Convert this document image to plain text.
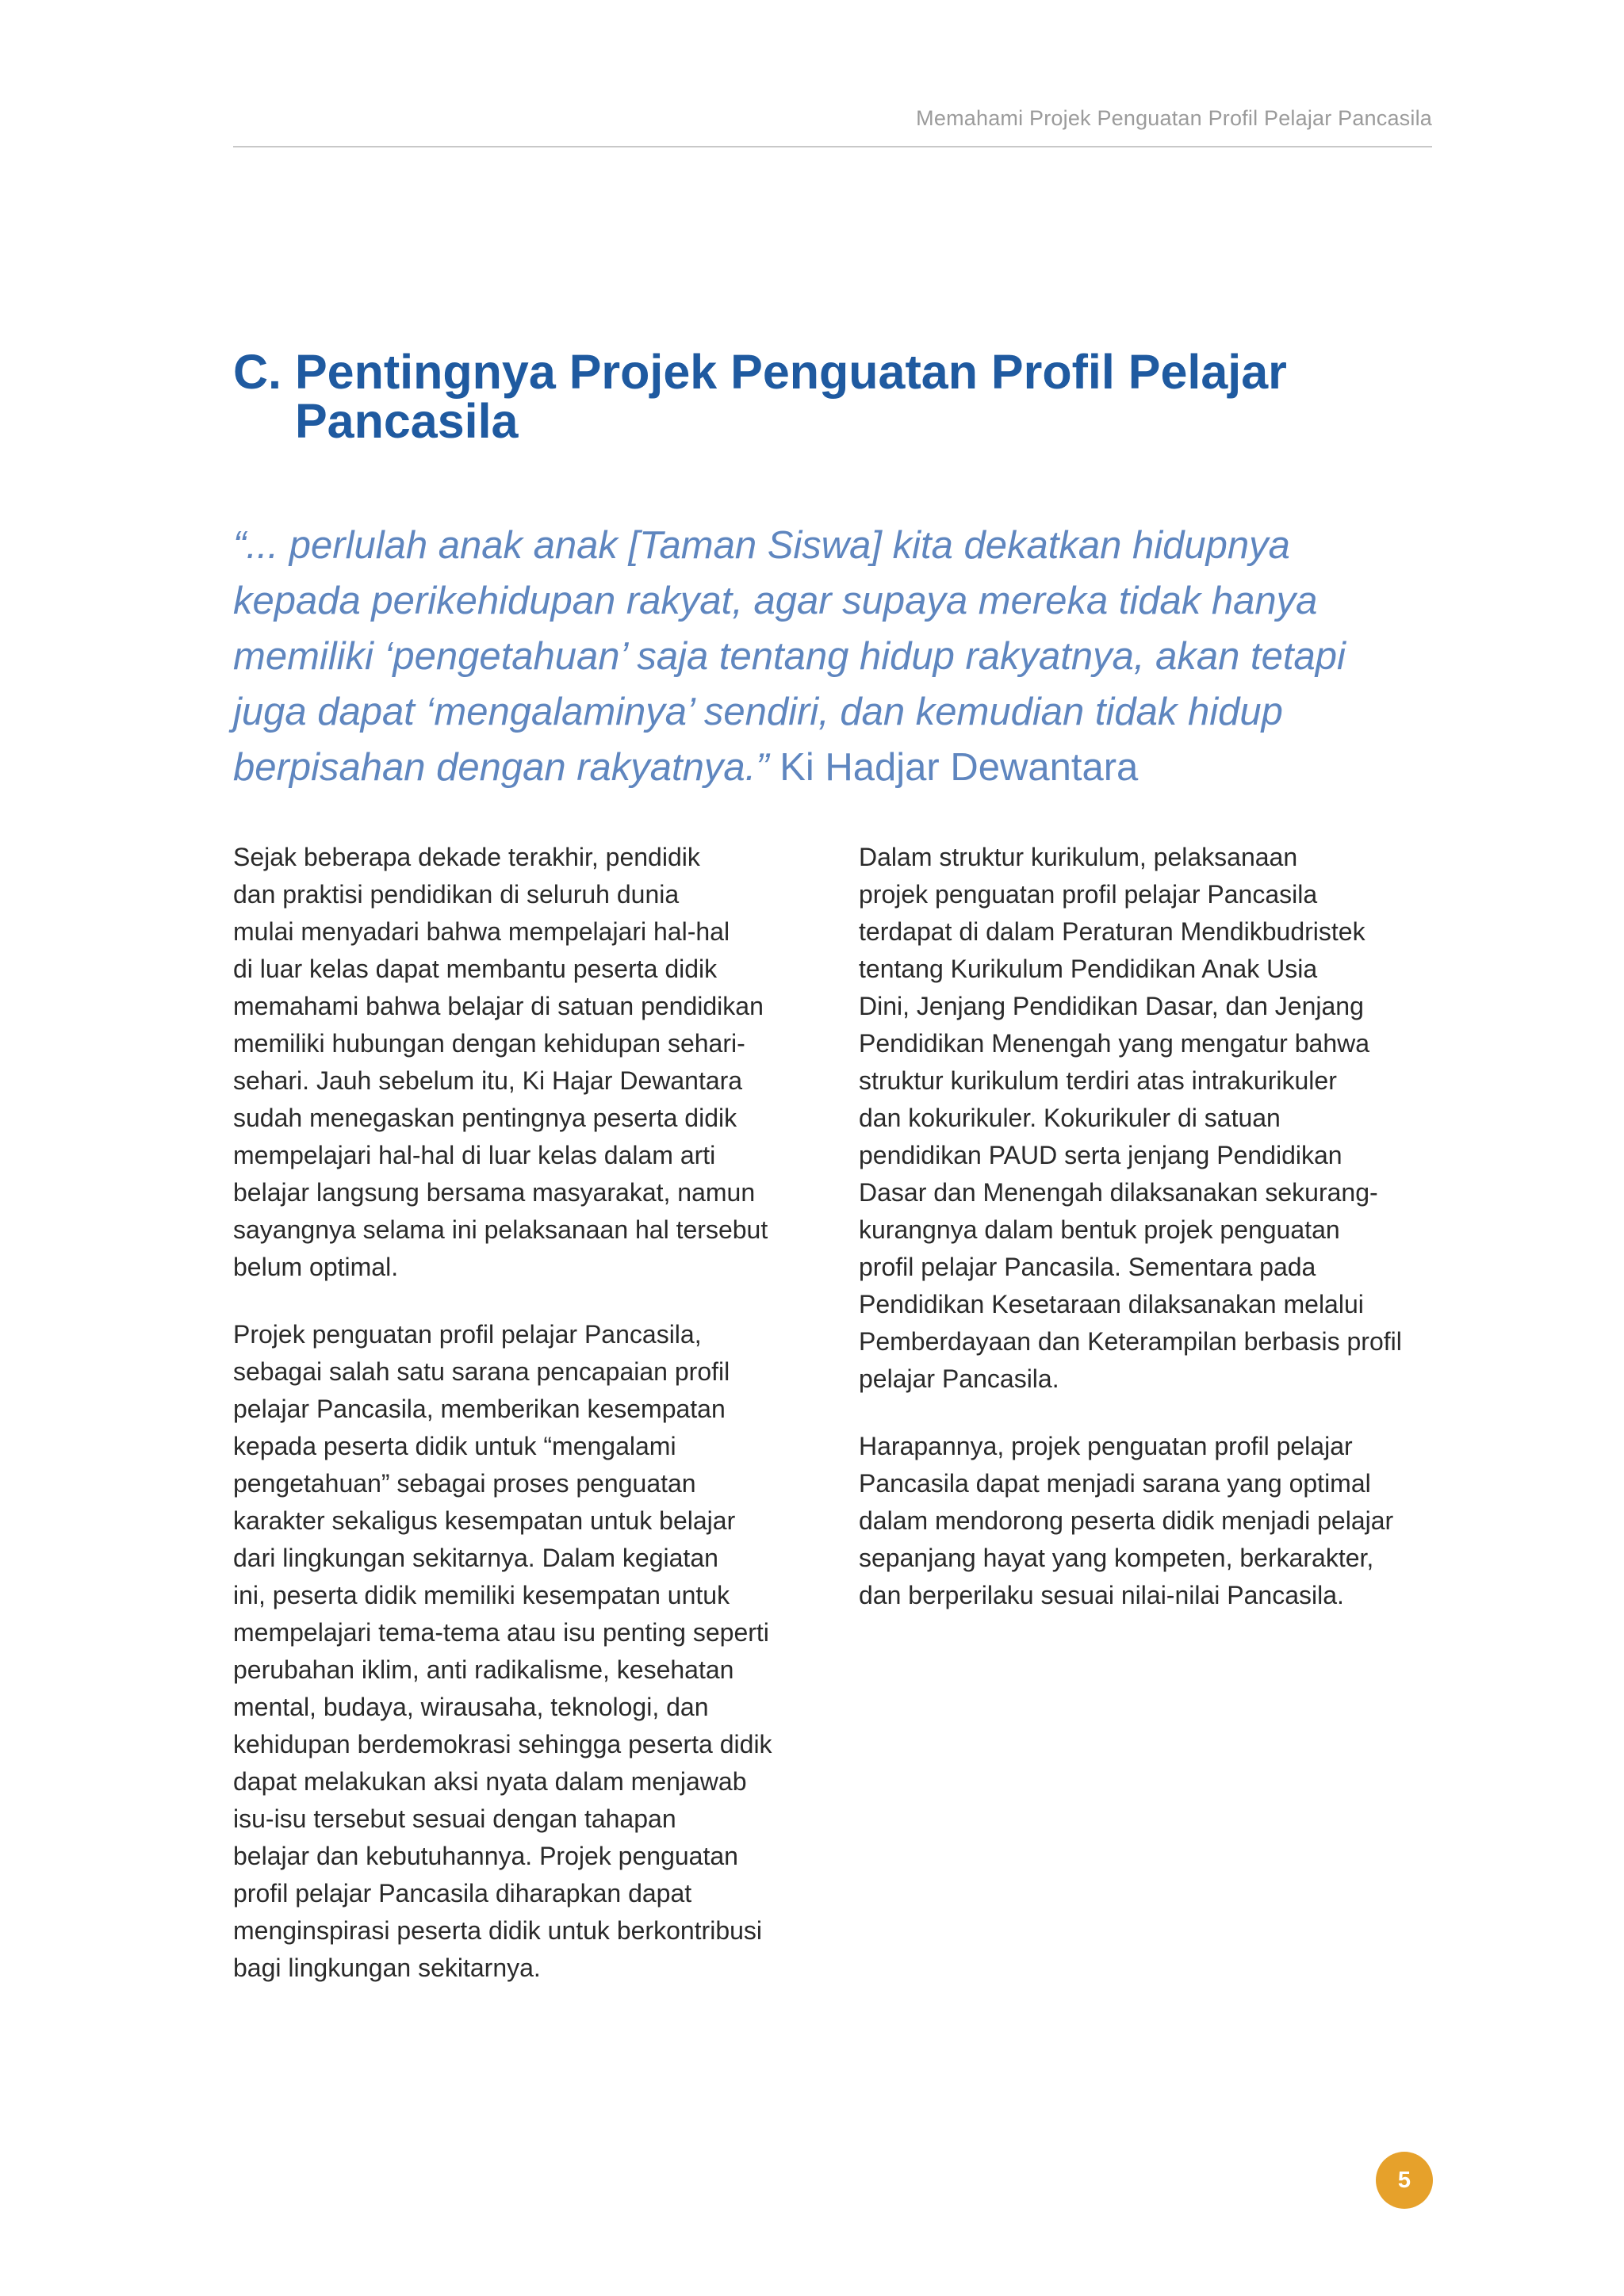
Memahami Projek Penguatan Profil Pelajar Pancasila
C. Pentingnya Projek Penguatan Profil Pelajar
Pancasila
“... perlulah anak anak [Taman Siswa] kita dekatkan hidupnya
kepada perikehidupan rakyat, agar supaya mereka tidak hanya
memiliki ‘pengetahuan’ saja tentang hidup rakyatnya, akan tetapi
juga dapat ‘mengalaminya’ sendiri, dan kemudian tidak hidup
berpisahan dengan rakyatnya.” Ki Hadjar Dewantara

Sejak beberapa dekade terakhir, pendidik
dan praktisi pendidikan di seluruh dunia
mulai menyadari bahwa mempelajari hal-hal
di luar kelas dapat membantu peserta didik
memahami bahwa belajar di satuan pendidikan
memiliki hubungan dengan kehidupan sehari-
sehari. Jauh sebelum itu, Ki Hajar Dewantara
sudah menegaskan pentingnya peserta didik
mempelajari hal-hal di luar kelas dalam arti
belajar langsung bersama masyarakat, namun
sayangnya selama ini pelaksanaan hal tersebut
belum optimal.

Projek penguatan profil pelajar Pancasila,
sebagai salah satu sarana pencapaian profil
pelajar Pancasila, memberikan kesempatan
kepada peserta didik untuk “mengalami
pengetahuan” sebagai proses penguatan
karakter sekaligus kesempatan untuk belajar
dari lingkungan sekitarnya. Dalam kegiatan
ini, peserta didik memiliki kesempatan untuk
mempelajari tema-tema atau isu penting seperti
perubahan iklim, anti radikalisme, kesehatan
mental, budaya, wirausaha, teknologi, dan
kehidupan berdemokrasi sehingga peserta didik
dapat melakukan aksi nyata dalam menjawab
isu-isu tersebut sesuai dengan tahapan
belajar dan kebutuhannya. Projek penguatan
profil pelajar Pancasila diharapkan dapat
menginspirasi peserta didik untuk berkontribusi
bagi lingkungan sekitarnya.

Dalam struktur kurikulum, pelaksanaan
projek penguatan profil pelajar Pancasila
terdapat di dalam Peraturan Mendikbudristek
tentang Kurikulum Pendidikan Anak Usia
Dini, Jenjang Pendidikan Dasar, dan Jenjang
Pendidikan Menengah yang mengatur bahwa
struktur kurikulum terdiri atas intrakurikuler
dan kokurikuler. Kokurikuler di satuan
pendidikan PAUD serta jenjang Pendidikan
Dasar dan Menengah dilaksanakan sekurang-
kurangnya dalam bentuk projek penguatan
profil pelajar Pancasila. Sementara pada
Pendidikan Kesetaraan dilaksanakan melalui
Pemberdayaan dan Keterampilan berbasis profil
pelajar Pancasila.

Harapannya, projek penguatan profil pelajar
Pancasila dapat menjadi sarana yang optimal
dalam mendorong peserta didik menjadi pelajar
sepanjang hayat yang kompeten, berkarakter,
dan berperilaku sesuai nilai-nilai Pancasila.

5
